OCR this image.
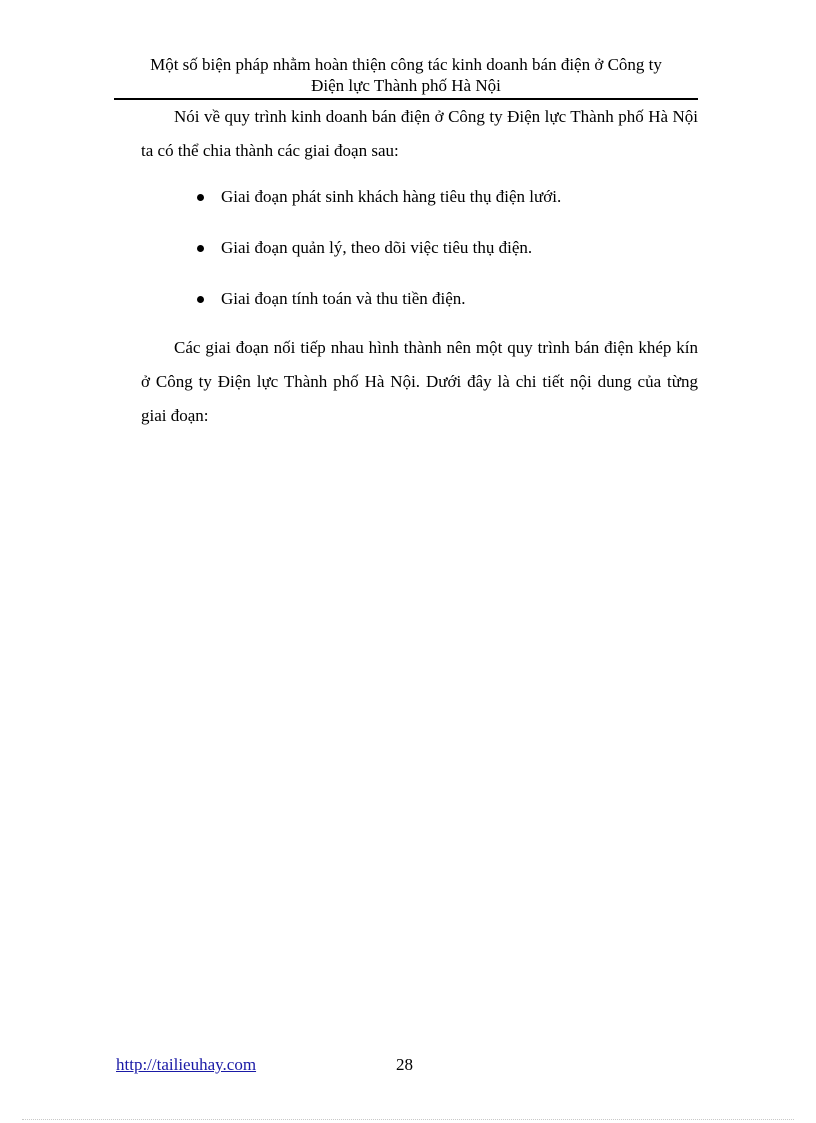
Một số biện pháp nhằm hoàn thiện công tác kinh doanh bán điện ở Công ty
Điện lực Thành phố Hà Nội

Nói về quy trình kinh doanh bán điện ở Công ty Điện lực Thành phố Hà Nội ta có thể chia thành các giai đoạn sau:

Giai đoạn phát sinh khách hàng tiêu thụ điện lưới.
Giai đoạn quản lý, theo dõi việc tiêu thụ điện.
Giai đoạn tính toán và thu tiền điện.

Các giai đoạn nối tiếp nhau hình thành nên một quy trình bán điện khép kín ở Công ty Điện lực Thành phố Hà Nội. Dưới đây là chi tiết nội dung của từng giai đoạn:

http://tailieuhay.com	28
